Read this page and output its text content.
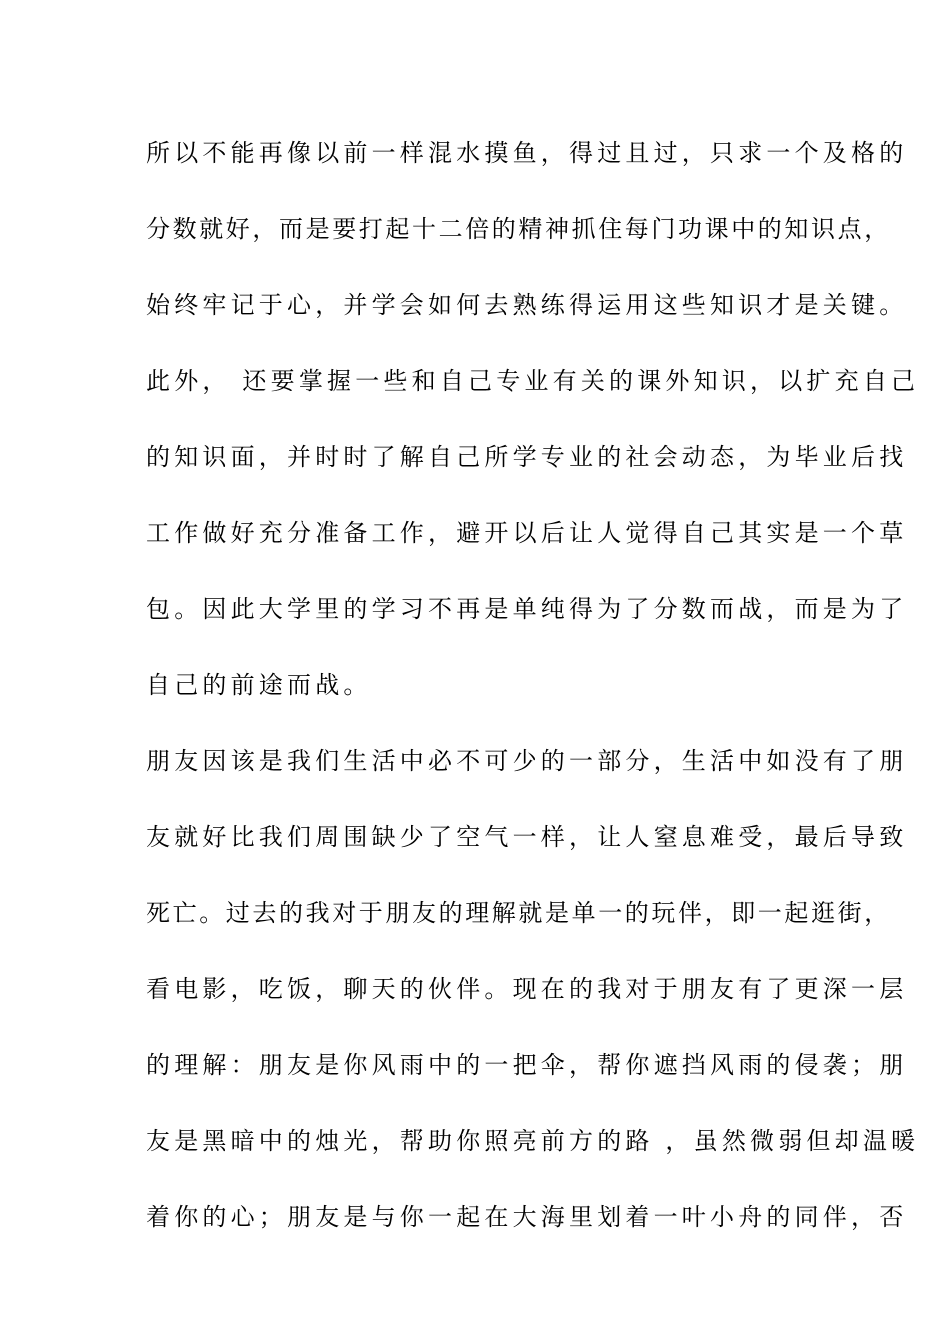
所以不能再像以前一样混水摸鱼，得过且过，只求一个及格的
分数就好，而是要打起十二倍的精神抓住每门功课中的知识点，
始终牢记于心，并学会如何去熟练得运用这些知识才是关键。
此外， 还要掌握一些和自己专业有关的课外知识，以扩充自己
的知识面，并时时了解自己所学专业的社会动态，为毕业后找
工作做好充分准备工作，避开以后让人觉得自己其实是一个草
包。因此大学里的学习不再是单纯得为了分数而战，而是为了
自己的前途而战。
朋友因该是我们生活中必不可少的一部分，生活中如没有了朋
友就好比我们周围缺少了空气一样，让人窒息难受，最后导致
死亡。过去的我对于朋友的理解就是单一的玩伴，即一起逛街，
看电影，吃饭，聊天的伙伴。现在的我对于朋友有了更深一层
的理解：朋友是你风雨中的一把伞，帮你遮挡风雨的侵袭；朋
友是黑暗中的烛光，帮助你照亮前方的路 ，虽然微弱但却温暖
着你的心；朋友是与你一起在大海里划着一叶小舟的同伴，否
